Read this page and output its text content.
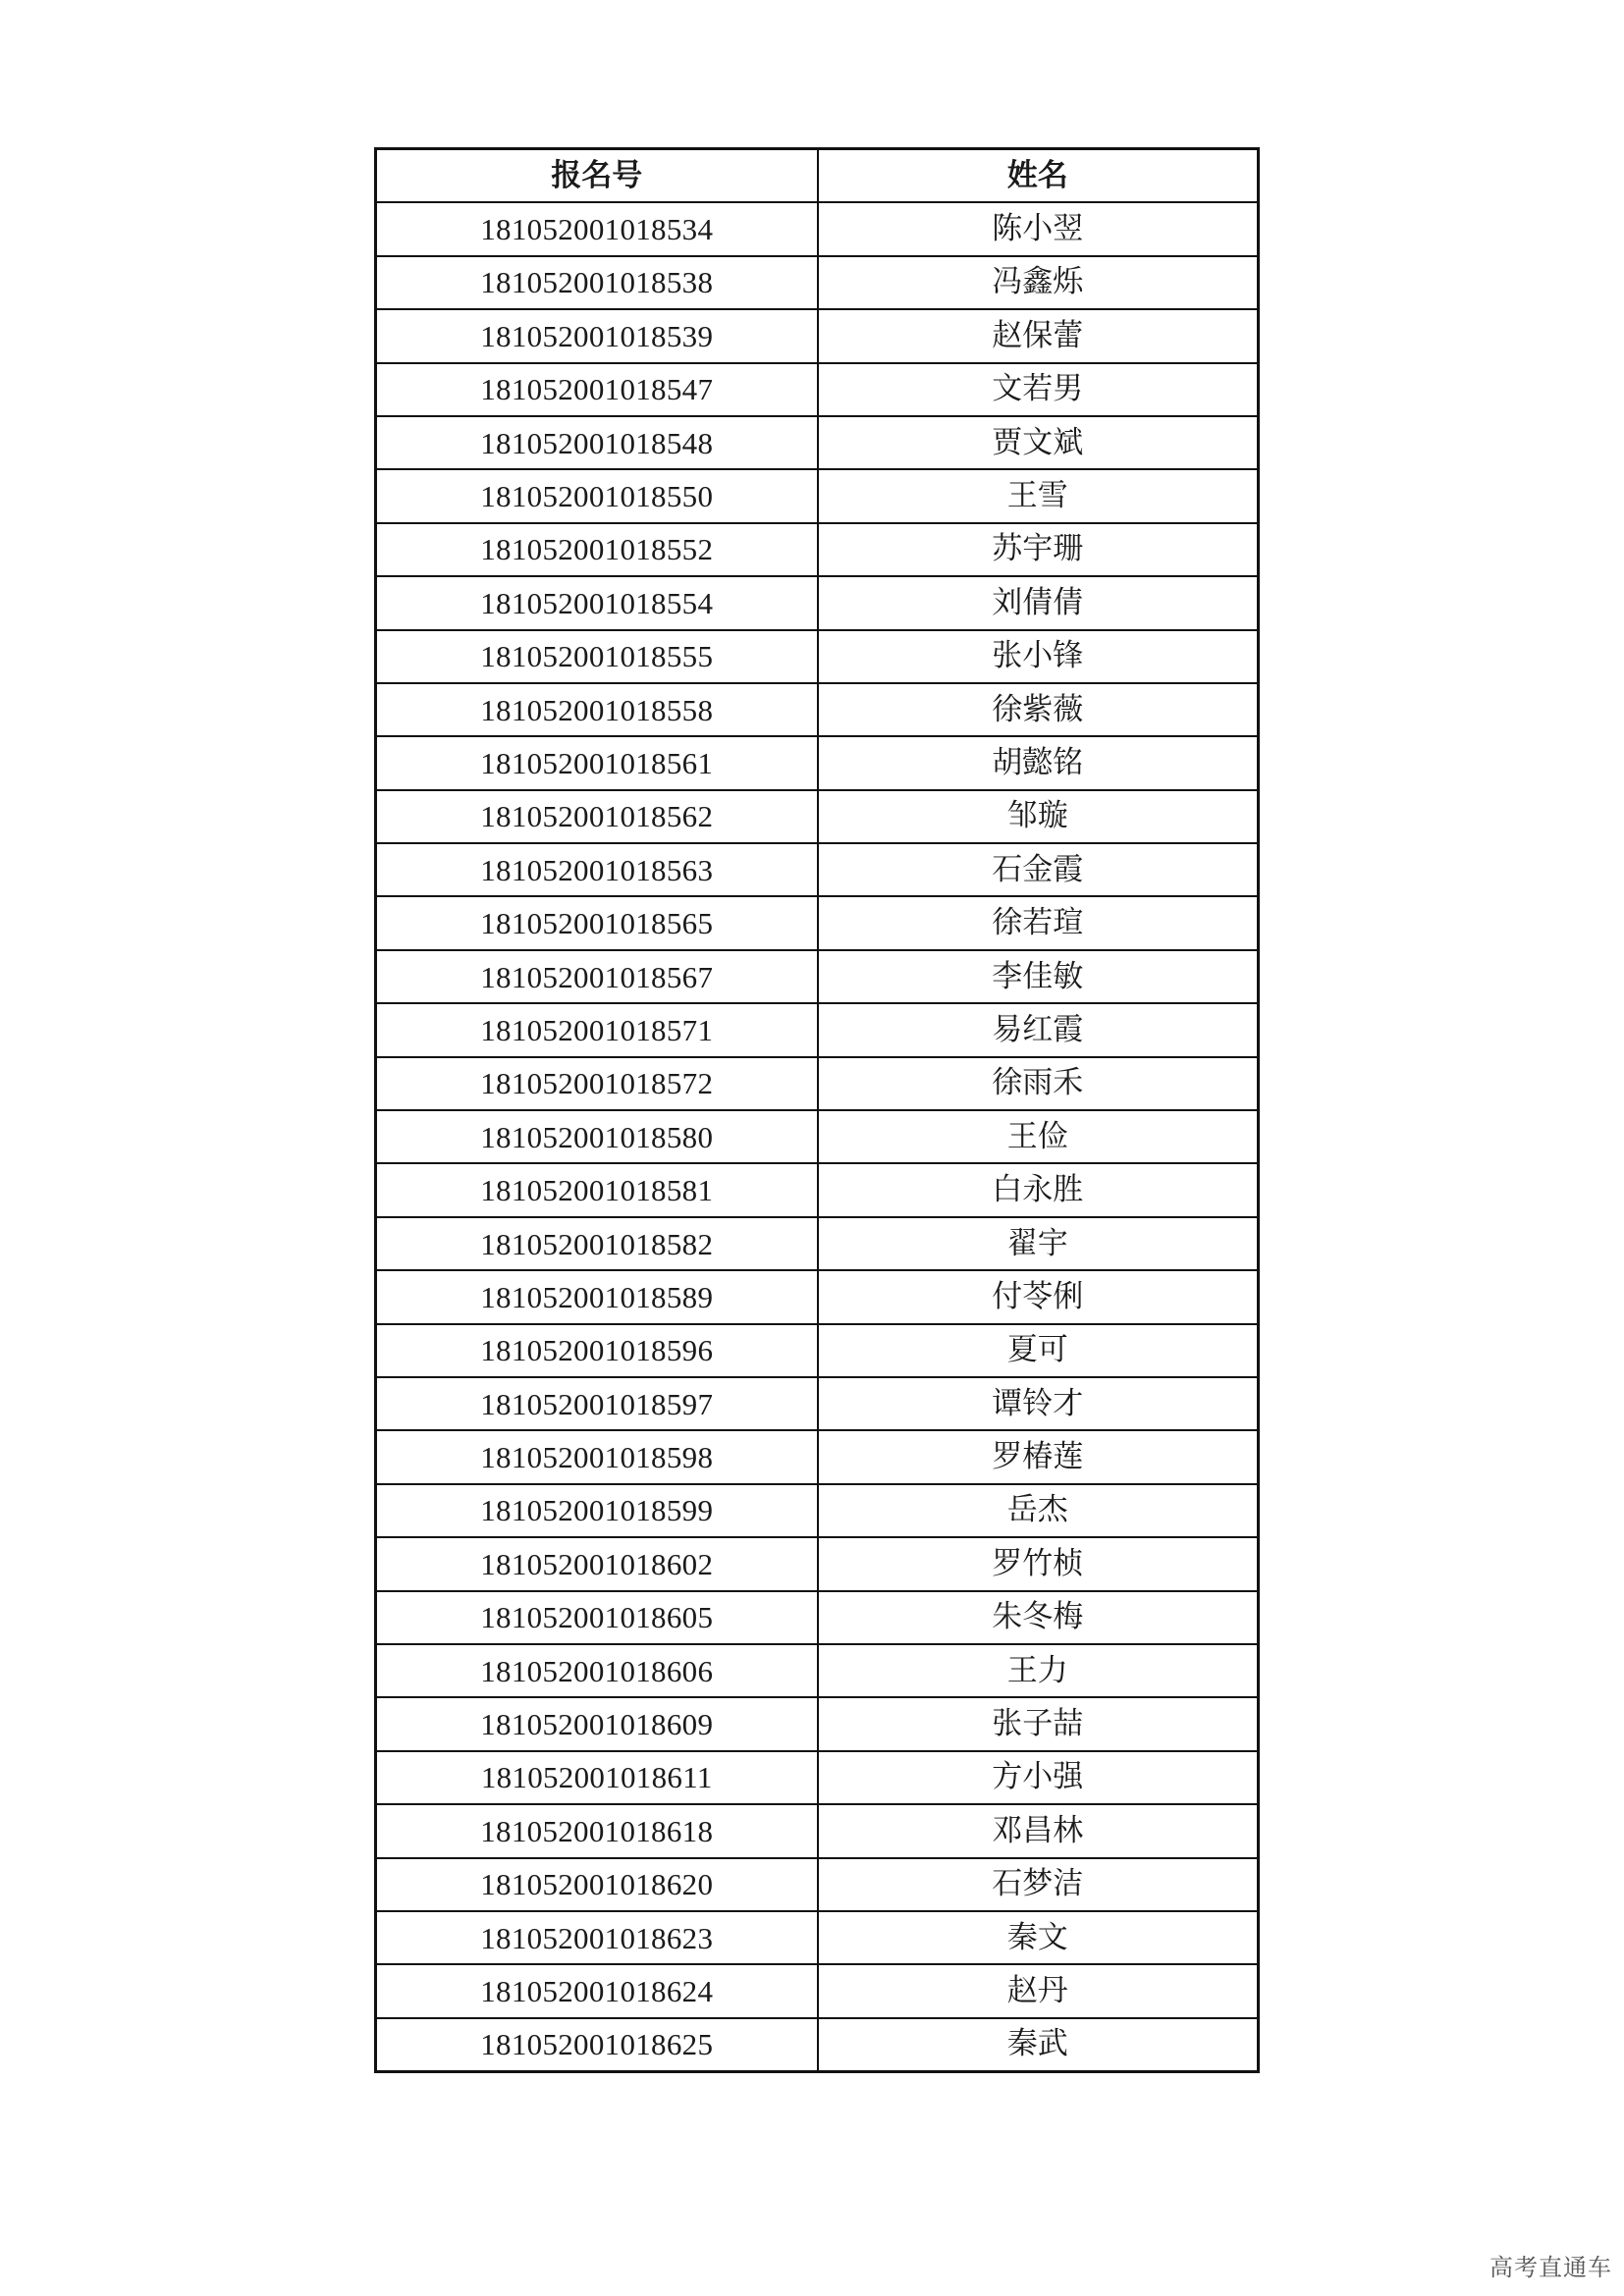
报名号	姓名
181052001018534	陈小翌
181052001018538	冯鑫烁
181052001018539	赵保蕾
181052001018547	文若男
181052001018548	贾文斌
181052001018550	王雪
181052001018552	苏宇珊
181052001018554	刘倩倩
181052001018555	张小锋
181052001018558	徐紫薇
181052001018561	胡懿铭
181052001018562	邹璇
181052001018563	石金霞
181052001018565	徐若瑄
181052001018567	李佳敏
181052001018571	易红霞
181052001018572	徐雨禾
181052001018580	王俭
181052001018581	白永胜
181052001018582	翟宇
181052001018589	付苓俐
181052001018596	夏可
181052001018597	谭铃才
181052001018598	罗椿莲
181052001018599	岳杰
181052001018602	罗竹桢
181052001018605	朱冬梅
181052001018606	王力
181052001018609	张子喆
181052001018611	方小强
181052001018618	邓昌林
181052001018620	石梦洁
181052001018623	秦文
181052001018624	赵丹
181052001018625	秦武
高考直通车
